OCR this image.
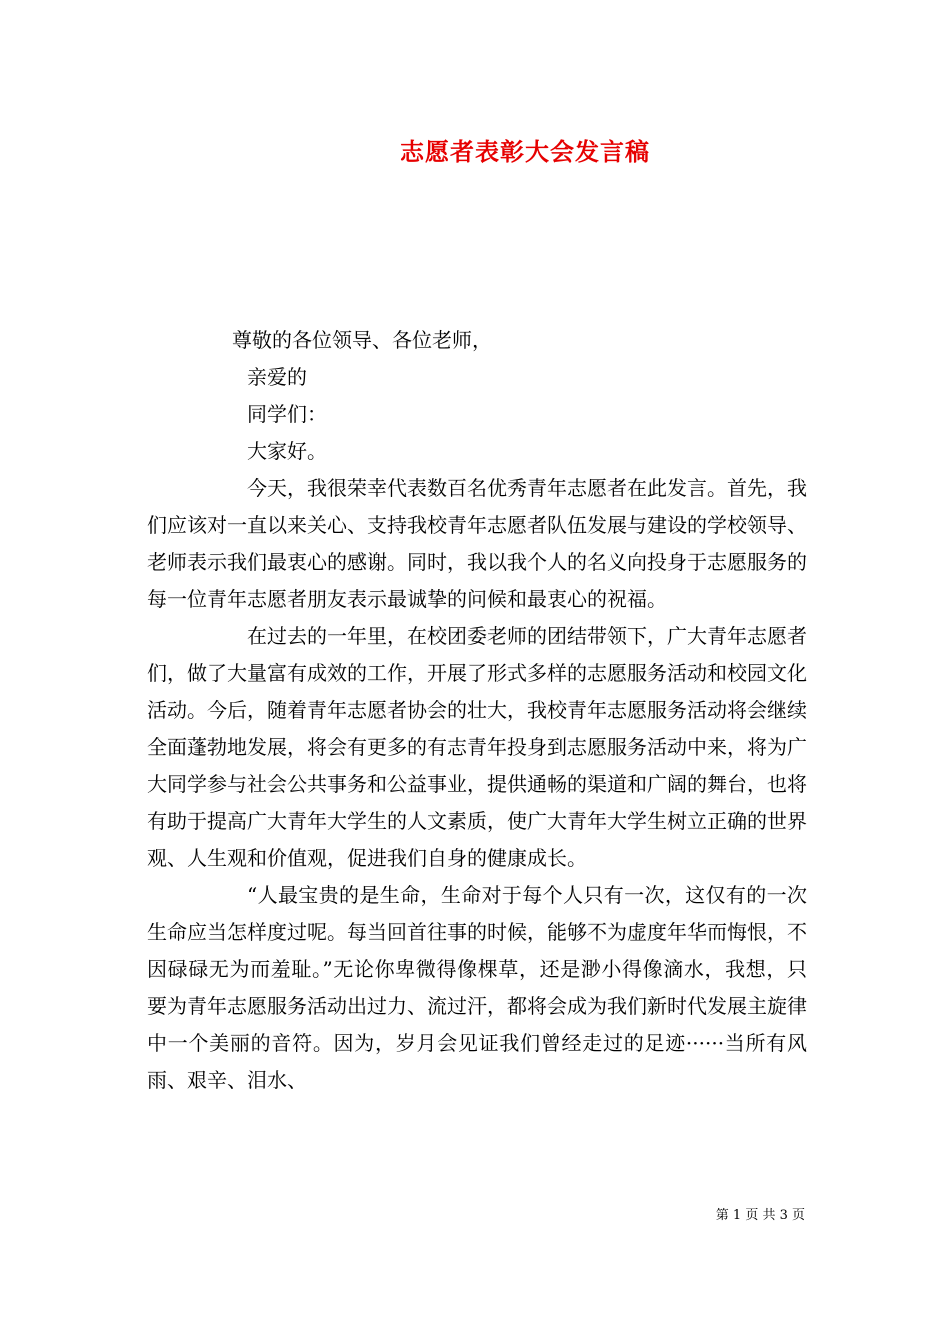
志愿者表彰大会发言稿
尊敬的各位领导、各位老师，
亲爱的
同学们：
大家好。

今天，我很荣幸代表数百名优秀青年志愿者在此发言。首先，我们应该对一直以来关心、支持我校青年志愿者队伍发展与建设的学校领导、老师表示我们最衷心的感谢。同时，我以我个人的名义向投身于志愿服务的每一位青年志愿者朋友表示最诚挚的问候和最衷心的祝福。

在过去的一年里，在校团委老师的团结带领下，广大青年志愿者们，做了大量富有成效的工作，开展了形式多样的志愿服务活动和校园文化活动。今后，随着青年志愿者协会的壮大，我校青年志愿服务活动将会继续全面蓬勃地发展，将会有更多的有志青年投身到志愿服务活动中来，将为广大同学参与社会公共事务和公益事业，提供通畅的渠道和广阔的舞台，也将有助于提高广大青年大学生的人文素质，使广大青年大学生树立正确的世界观、人生观和价值观，促进我们自身的健康成长。

“人最宝贵的是生命，生命对于每个人只有一次，这仅有的一次生命应当怎样度过呢。每当回首往事的时候，能够不为虚度年华而悔恨，不因碌碌无为而羞耻。”无论你卑微得像棵草，还是渺小得像滴水，我想，只要为青年志愿服务活动出过力、流过汗，都将会成为我们新时代发展主旋律中一个美丽的音符。因为，岁月会见证我们曾经走过的足迹······当所有风雨、艰辛、泪水、

第 1 页 共 3 页
